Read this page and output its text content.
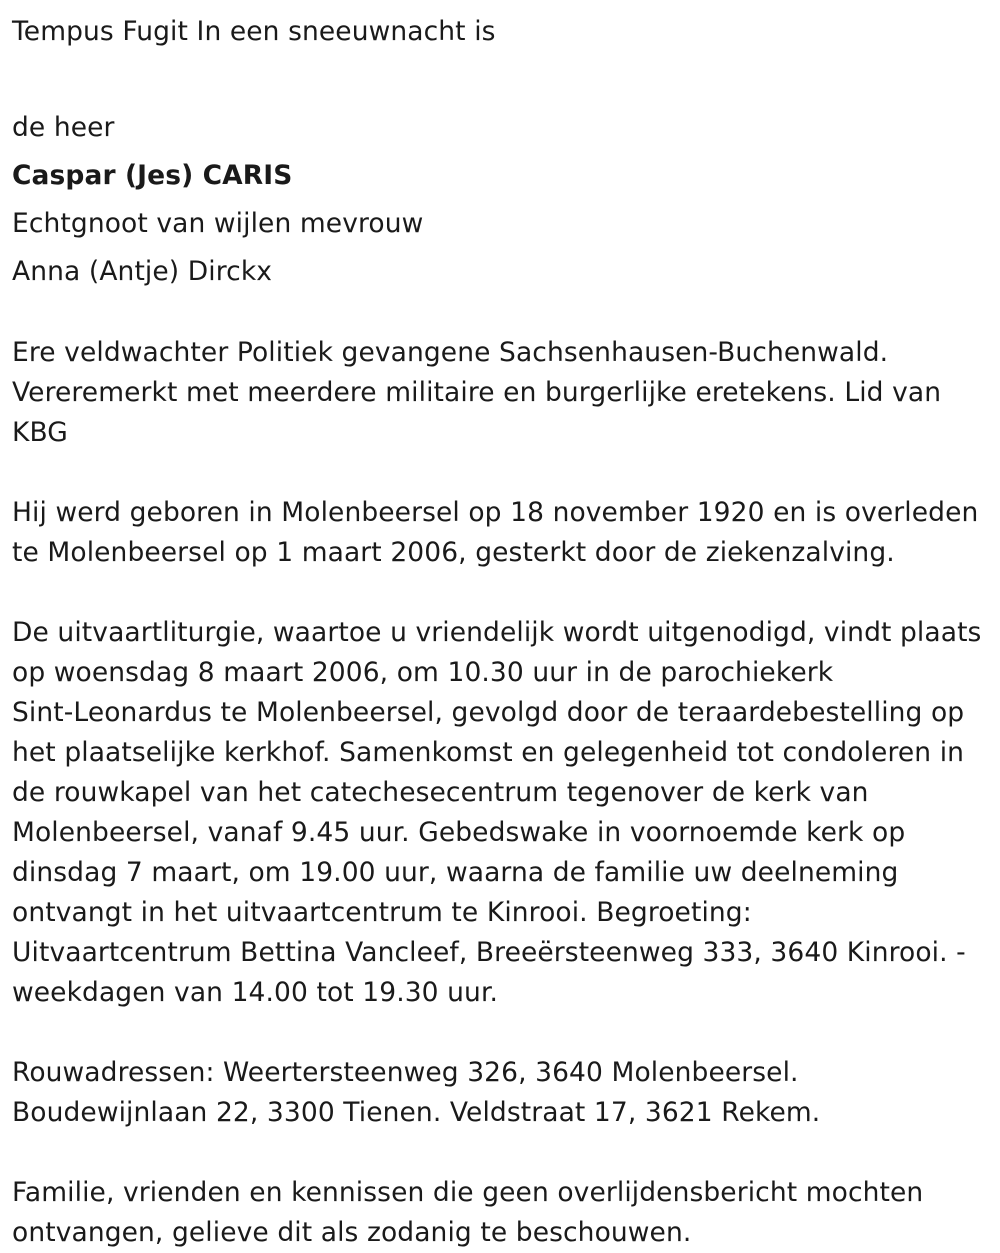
Tempus Fugit In een sneeuwnacht is

de heer

Caspar (Jes) CARIS

Echtgnoot van wijlen mevrouw

Anna (Antje) Dirckx

Ere veldwachter Politiek gevangene Sachsenhausen-Buchenwald.
Vereremerkt met meerdere militaire en burgerlijke eretekens. Lid van
KBG
Hij werd geboren in Molenbeersel op 18 november 1920 en is overleden
te Molenbeersel op 1 maart 2006, gesterkt door de ziekenzalving.
De uitvaartliturgie, waartoe u vriendelijk wordt uitgenodigd, vindt plaats
op woensdag 8 maart 2006, om 10.30 uur in de parochiekerk
Sint-Leonardus te Molenbeersel, gevolgd door de teraardebestelling op
het plaatselijke kerkhof. Samenkomst en gelegenheid tot condoleren in
de rouwkapel van het catechesecentrum tegenover de kerk van
Molenbeersel, vanaf 9.45 uur. Gebedswake in voornoemde kerk op
dinsdag 7 maart, om 19.00 uur, waarna de familie uw deelneming
ontvangt in het uitvaartcentrum te Kinrooi. Begroeting:
Uitvaartcentrum Bettina Vancleef, Breeërsteenweg 333, 3640 Kinrooi. -
weekdagen van 14.00 tot 19.30 uur.
Rouwadressen: Weertersteenweg 326, 3640 Molenbeersel.
Boudewijnlaan 22, 3300 Tienen. Veldstraat 17, 3621 Rekem.
Familie, vrienden en kennissen die geen overlijdensbericht mochten
ontvangen, gelieve dit als zodanig te beschouwen.
